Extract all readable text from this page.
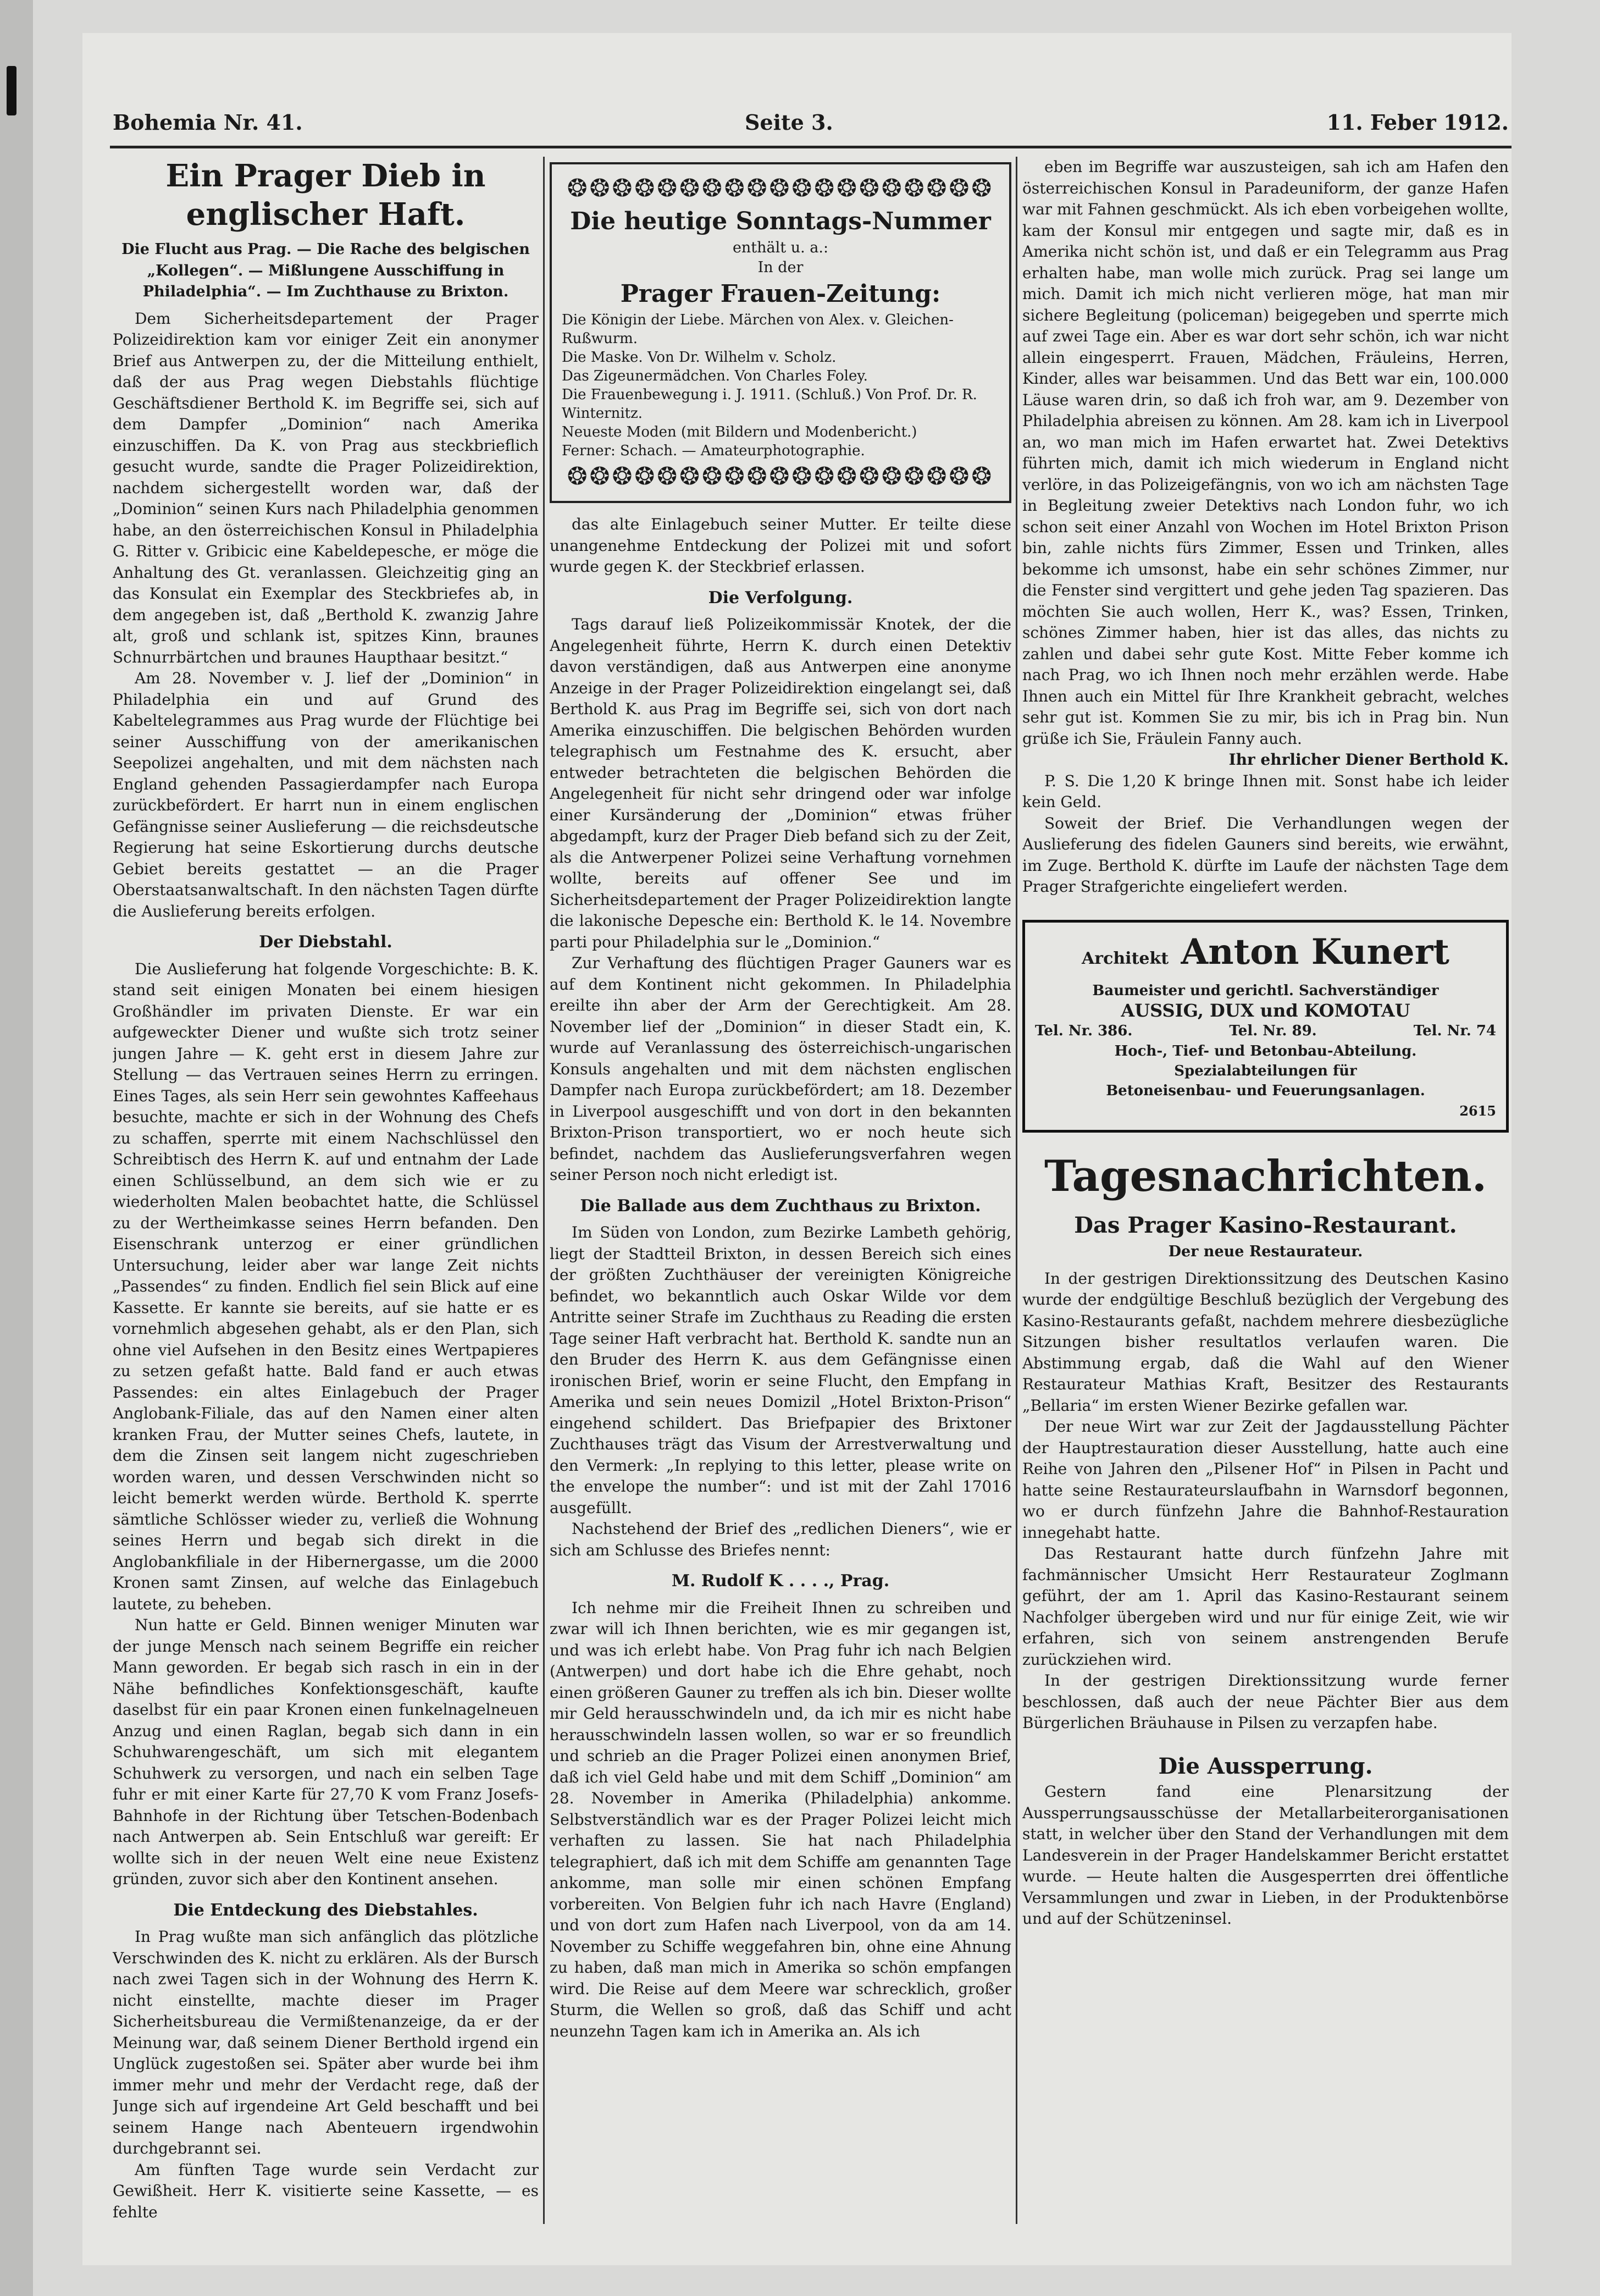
Bohemia Nr. 41.	Seite 3.	11. Feber 1912.
Ein Prager Dieb in englischer Haft.
Die Flucht aus Prag. — Die Rache des belgischen „Kollegen“. — Mißlungene Ausschiffung in Philadelphia“. — Im Zuchthause zu Brixton.

Dem Sicherheitsdepartement der Prager Polizeidirektion kam vor einiger Zeit ein anonymer Brief aus Antwerpen zu, der die Mitteilung enthielt, daß der aus Prag wegen Diebstahls flüchtige Geschäftsdiener Berthold K. im Begriffe sei, sich auf dem Dampfer „Dominion“ nach Amerika einzuschiffen. Da K. von Prag aus steckbrieflich gesucht wurde, sandte die Prager Polizeidirektion, nachdem sichergestellt worden war, daß der „Dominion“ seinen Kurs nach Philadelphia genommen habe, an den österreichischen Konsul in Philadelphia G. Ritter v. Gribicic eine Kabeldepesche, er möge die Anhaltung des Gt. veranlassen. Gleichzeitig ging an das Konsulat ein Exemplar des Steckbriefes ab, in dem angegeben ist, daß „Berthold K. zwanzig Jahre alt, groß und schlank ist, spitzes Kinn, braunes Schnurrbärtchen und braunes Haupthaar besitzt.“

Am 28. November v. J. lief der „Dominion“ in Philadelphia ein und auf Grund des Kabeltelegrammes aus Prag wurde der Flüchtige bei seiner Ausschiffung von der amerikanischen Seepolizei angehalten, und mit dem nächsten nach England gehenden Passagierdampfer nach Europa zurückbefördert. Er harrt nun in einem englischen Gefängnisse seiner Auslieferung — die reichsdeutsche Regierung hat seine Eskortierung durchs deutsche Gebiet bereits gestattet — an die Prager Oberstaatsanwaltschaft. In den nächsten Tagen dürfte die Auslieferung bereits erfolgen.

Der Diebstahl.

Die Auslieferung hat folgende Vorgeschichte: B. K. stand seit einigen Monaten bei einem hiesigen Großhändler im privaten Dienste. Er war ein aufgeweckter Diener und wußte sich trotz seiner jungen Jahre — K. geht erst in diesem Jahre zur Stellung — das Vertrauen seines Herrn zu erringen. Eines Tages, als sein Herr sein gewohntes Kaffeehaus besuchte, machte er sich in der Wohnung des Chefs zu schaffen, sperrte mit einem Nachschlüssel den Schreibtisch des Herrn K. auf und entnahm der Lade einen Schlüsselbund, an dem sich wie er zu wiederholten Malen beobachtet hatte, die Schlüssel zu der Wertheimkasse seines Herrn befanden. Den Eisenschrank unterzog er einer gründlichen Untersuchung, leider aber war lange Zeit nichts „Passendes“ zu finden. Endlich fiel sein Blick auf eine Kassette. Er kannte sie bereits, auf sie hatte er es vornehmlich abgesehen gehabt, als er den Plan, sich ohne viel Aufsehen in den Besitz eines Wertpapieres zu setzen gefaßt hatte. Bald fand er auch etwas Passendes: ein altes Einlagebuch der Prager Anglobank-Filiale, das auf den Namen einer alten kranken Frau, der Mutter seines Chefs, lautete, in dem die Zinsen seit langem nicht zugeschrieben worden waren, und dessen Verschwinden nicht so leicht bemerkt werden würde. Berthold K. sperrte sämtliche Schlösser wieder zu, verließ die Wohnung seines Herrn und begab sich direkt in die Anglobankfiliale in der Hibernergasse, um die 2000 Kronen samt Zinsen, auf welche das Einlagebuch lautete, zu beheben.

Nun hatte er Geld. Binnen weniger Minuten war der junge Mensch nach seinem Begriffe ein reicher Mann geworden. Er begab sich rasch in ein in der Nähe befindliches Konfektionsgeschäft, kaufte daselbst für ein paar Kronen einen funkelnagelneuen Anzug und einen Raglan, begab sich dann in ein Schuhwarengeschäft, um sich mit elegantem Schuhwerk zu versorgen, und nach ein selben Tage fuhr er mit einer Karte für 27,70 K vom Franz Josefs-Bahnhofe in der Richtung über Tetschen-Bodenbach nach Antwerpen ab. Sein Entschluß war gereift: Er wollte sich in der neuen Welt eine neue Existenz gründen, zuvor sich aber den Kontinent ansehen.

Die Entdeckung des Diebstahles.

In Prag wußte man sich anfänglich das plötzliche Verschwinden des K. nicht zu erklären. Als der Bursch nach zwei Tagen sich in der Wohnung des Herrn K. nicht einstellte, machte dieser im Prager Sicherheitsbureau die Vermißtenanzeige, da er der Meinung war, daß seinem Diener Berthold irgend ein Unglück zugestoßen sei. Später aber wurde bei ihm immer mehr und mehr der Verdacht rege, daß der Junge sich auf irgendeine Art Geld beschafft und bei seinem Hange nach Abenteuern irgendwohin durchgebrannt sei.

Am fünften Tage wurde sein Verdacht zur Gewißheit. Herr K. visitierte seine Kassette, — es fehlte

❂❂❂❂❂❂❂❂❂❂❂❂❂❂❂❂❂❂❂
Die heutige Sonntags-Nummer
enthält u. a.:
In der
Prager Frauen-Zeitung:
Die Königin der Liebe. Märchen von Alex. v. Gleichen-Rußwurm.
Die Maske. Von Dr. Wilhelm v. Scholz.
Das Zigeunermädchen. Von Charles Foley.
Die Frauenbewegung i. J. 1911. (Schluß.) Von Prof. Dr. R. Winternitz.
Neueste Moden (mit Bildern und Modenbericht.)
Ferner: Schach. — Amateurphotographie.
❂❂❂❂❂❂❂❂❂❂❂❂❂❂❂❂❂❂❂

das alte Einlagebuch seiner Mutter. Er teilte diese unangenehme Entdeckung der Polizei mit und sofort wurde gegen K. der Steckbrief erlassen.

Die Verfolgung.

Tags darauf ließ Polizeikommissär Knotek, der die Angelegenheit führte, Herrn K. durch einen Detektiv davon verständigen, daß aus Antwerpen eine anonyme Anzeige in der Prager Polizeidirektion eingelangt sei, daß Berthold K. aus Prag im Begriffe sei, sich von dort nach Amerika einzuschiffen. Die belgischen Behörden wurden telegraphisch um Festnahme des K. ersucht, aber entweder betrachteten die belgischen Behörden die Angelegenheit für nicht sehr dringend oder war infolge einer Kursänderung der „Dominion“ etwas früher abgedampft, kurz der Prager Dieb befand sich zu der Zeit, als die Antwerpener Polizei seine Verhaftung vornehmen wollte, bereits auf offener See und im Sicherheitsdepartement der Prager Polizeidirektion langte die lakonische Depesche ein: Berthold K. le 14. Novembre parti pour Philadelphia sur le „Dominion.“

Zur Verhaftung des flüchtigen Prager Gauners war es auf dem Kontinent nicht gekommen. In Philadelphia ereilte ihn aber der Arm der Gerechtigkeit. Am 28. November lief der „Dominion“ in dieser Stadt ein, K. wurde auf Veranlassung des österreichisch-ungarischen Konsuls angehalten und mit dem nächsten englischen Dampfer nach Europa zurückbefördert; am 18. Dezember in Liverpool ausgeschifft und von dort in den bekannten Brixton-Prison transportiert, wo er noch heute sich befindet, nachdem das Auslieferungsverfahren wegen seiner Person noch nicht erledigt ist.

Die Ballade aus dem Zuchthaus zu Brixton.

Im Süden von London, zum Bezirke Lambeth gehörig, liegt der Stadtteil Brixton, in dessen Bereich sich eines der größten Zuchthäuser der vereinigten Königreiche befindet, wo bekanntlich auch Oskar Wilde vor dem Antritte seiner Strafe im Zuchthaus zu Reading die ersten Tage seiner Haft verbracht hat. Berthold K. sandte nun an den Bruder des Herrn K. aus dem Gefängnisse einen ironischen Brief, worin er seine Flucht, den Empfang in Amerika und sein neues Domizil „Hotel Brixton-Prison“ eingehend schildert. Das Briefpapier des Brixtoner Zuchthauses trägt das Visum der Arrestverwaltung und den Vermerk: „In replying to this letter, please write on the envelope the number“: und ist mit der Zahl 17016 ausgefüllt.

Nachstehend der Brief des „redlichen Dieners“, wie er sich am Schlusse des Briefes nennt:

M. Rudolf K . . . ., Prag.

Ich nehme mir die Freiheit Ihnen zu schreiben und zwar will ich Ihnen berichten, wie es mir gegangen ist, und was ich erlebt habe. Von Prag fuhr ich nach Belgien (Antwerpen) und dort habe ich die Ehre gehabt, noch einen größeren Gauner zu treffen als ich bin. Dieser wollte mir Geld herausschwindeln und, da ich mir es nicht habe herausschwindeln lassen wollen, so war er so freundlich und schrieb an die Prager Polizei einen anonymen Brief, daß ich viel Geld habe und mit dem Schiff „Dominion“ am 28. November in Amerika (Philadelphia) ankomme. Selbstverständlich war es der Prager Polizei leicht mich verhaften zu lassen. Sie hat nach Philadelphia telegraphiert, daß ich mit dem Schiffe am genannten Tage ankomme, man solle mir einen schönen Empfang vorbereiten. Von Belgien fuhr ich nach Havre (England) und von dort zum Hafen nach Liverpool, von da am 14. November zu Schiffe weggefahren bin, ohne eine Ahnung zu haben, daß man mich in Amerika so schön empfangen wird. Die Reise auf dem Meere war schrecklich, großer Sturm, die Wellen so groß, daß das Schiff und acht neunzehn Tagen kam ich in Amerika an. Als ich

eben im Begriffe war auszusteigen, sah ich am Hafen den österreichischen Konsul in Paradeuniform, der ganze Hafen war mit Fahnen geschmückt. Als ich eben vorbeigehen wollte, kam der Konsul mir entgegen und sagte mir, daß es in Amerika nicht schön ist, und daß er ein Telegramm aus Prag erhalten habe, man wolle mich zurück. Prag sei lange um mich. Damit ich mich nicht verlieren möge, hat man mir sichere Begleitung (policeman) beigegeben und sperrte mich auf zwei Tage ein. Aber es war dort sehr schön, ich war nicht allein eingesperrt. Frauen, Mädchen, Fräuleins, Herren, Kinder, alles war beisammen. Und das Bett war ein, 100.000 Läuse waren drin, so daß ich froh war, am 9. Dezember von Philadelphia abreisen zu können. Am 28. kam ich in Liverpool an, wo man mich im Hafen erwartet hat. Zwei Detektivs führten mich, damit ich mich wiederum in England nicht verlöre, in das Polizeigefängnis, von wo ich am nächsten Tage in Begleitung zweier Detektivs nach London fuhr, wo ich schon seit einer Anzahl von Wochen im Hotel Brixton Prison bin, zahle nichts fürs Zimmer, Essen und Trinken, alles bekomme ich umsonst, habe ein sehr schönes Zimmer, nur die Fenster sind vergittert und gehe jeden Tag spazieren. Das möchten Sie auch wollen, Herr K., was? Essen, Trinken, schönes Zimmer haben, hier ist das alles, das nichts zu zahlen und dabei sehr gute Kost. Mitte Feber komme ich nach Prag, wo ich Ihnen noch mehr erzählen werde. Habe Ihnen auch ein Mittel für Ihre Krankheit gebracht, welches sehr gut ist. Kommen Sie zu mir, bis ich in Prag bin. Nun grüße ich Sie, Fräulein Fanny auch.

Ihr ehrlicher Diener Berthold K.

P. S. Die 1,20 K bringe Ihnen mit. Sonst habe ich leider kein Geld.

Soweit der Brief. Die Verhandlungen wegen der Auslieferung des fidelen Gauners sind bereits, wie erwähnt, im Zuge. Berthold K. dürfte im Laufe der nächsten Tage dem Prager Strafgerichte eingeliefert werden.

Architekt Anton Kunert
Baumeister und gerichtl. Sachverständiger
AUSSIG, DUX und KOMOTAU
Tel. Nr. 386.	Tel. Nr. 89.	Tel. Nr. 74
Hoch-, Tief- und Betonbau-Abteilung.
Spezialabteilungen für
Betoneisenbau- und Feuerungsanlagen.
2615
Tagesnachrichten.
Das Prager Kasino-Restaurant.
Der neue Restaurateur.

In der gestrigen Direktionssitzung des Deutschen Kasino wurde der endgültige Beschluß bezüglich der Vergebung des Kasino-Restaurants gefaßt, nachdem mehrere diesbezügliche Sitzungen bisher resultatlos verlaufen waren. Die Abstimmung ergab, daß die Wahl auf den Wiener Restaurateur Mathias Kraft, Besitzer des Restaurants „Bellaria“ im ersten Wiener Bezirke gefallen war.

Der neue Wirt war zur Zeit der Jagdausstellung Pächter der Hauptrestauration dieser Ausstellung, hatte auch eine Reihe von Jahren den „Pilsener Hof“ in Pilsen in Pacht und hatte seine Restaurateurslaufbahn in Warnsdorf begonnen, wo er durch fünfzehn Jahre die Bahnhof-Restauration innegehabt hatte.

Das Restaurant hatte durch fünfzehn Jahre mit fachmännischer Umsicht Herr Restaurateur Zoglmann geführt, der am 1. April das Kasino-Restaurant seinem Nachfolger übergeben wird und nur für einige Zeit, wie wir erfahren, sich von seinem anstrengenden Berufe zurückziehen wird.

In der gestrigen Direktionssitzung wurde ferner beschlossen, daß auch der neue Pächter Bier aus dem Bürgerlichen Bräuhause in Pilsen zu verzapfen habe.

Die Aussperrung.

Gestern fand eine Plenarsitzung der Aussperrungsausschüsse der Metallarbeiterorganisationen statt, in welcher über den Stand der Verhandlungen mit dem Landesverein in der Prager Handelskammer Bericht erstattet wurde. — Heute halten die Ausgesperrten drei öffentliche Versammlungen und zwar in Lieben, in der Produktenbörse und auf der Schützeninsel.
